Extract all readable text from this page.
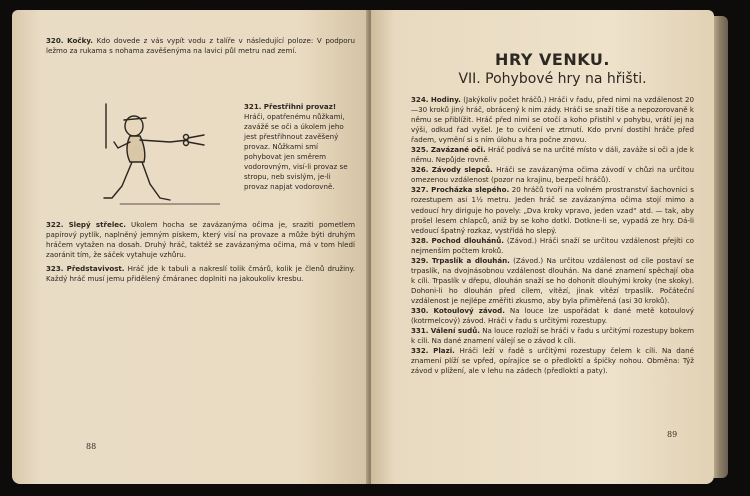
320. Kočky. Kdo dovede z vás vypít vodu z talíře v následující poloze: V podporu ležmo za rukama s nohama zavěšenýma na lavici půl metru nad zemí.

321. Přestřihni provaz! Hráči, opatřenému nůžkami, zavážě se oči a úkolem jeho jest přestřihnout zavěšený provaz. Nůžkami smí pohybovat jen směrem vodorovným, visí-li provaz se stropu, neb svislým, je-li provaz napjat vodorovně.

322. Slepý střelec. Ukolem hocha se zavázanýma očima je, sraziti pometlem papírový pytlík, naplněný jemným pískem, který visí na provaze a může býti druhým hráčem vytažen na dosah. Druhý hráč, taktéž se zavázanýma očima, má v tom hledí zaoránit tím, že sáček vytahuje vzhůru.

323. Představivost. Hráč jde k tabuli a nakreslí tolik čmárů, kolik je členů družiny. Každý hráč musí jemu přidělený čmáranec doplniti na jakoukoliv kresbu.

88
HRY VENKU.
VII. Pohybové hry na hřišti.

324. Hodiny. (Jakýkoliv počet hráčů.) Hráči v řadu, před nimi na vzdálenost 20—30 kroků jiný hráč, obrácený k nim zády. Hráči se snaží tiše a nepozorovaně k němu se přiblížit. Hráč před nimi se otočí a koho přistihl v pohybu, vrátí jej na výši, odkud řad vyšel. Je to cvičení ve ztrnutí. Kdo první dostihl hráče před řadem, vymění si s ním úlohu a hra počne znovu.

325. Zavázané oči. Hráč podívá se na určité místo v dáli, zaváže si oči a jde k němu. Nepůjde rovně.

326. Závody slepců. Hráči se zavázanýma očima závodí v chůzi na určitou omezenou vzdálenost (pozor na krajinu, bezpečí hráčů).

327. Procházka slepého. 20 hráčů tvoří na volném prostranství šachovnici s rozestupem asi 1½ metru. Jeden hráč se zavázanýma očima stojí mimo a vedoucí hry diriguje ho povely: „Dva kroky vpravo, jeden vzad“ atd. — tak, aby prošel lesem chlapců, aniž by se koho dotkl. Dotkne-li se, vypadá ze hry. Dá-li vedoucí špatný rozkaz, vystřídá ho slepý.

328. Pochod dlouhánů. (Závod.) Hráči snaží se určitou vzdálenost přejíti co nejmenším počtem kroků.

329. Trpaslík a dlouhán. (Závod.) Na určitou vzdálenost od cíle postaví se trpaslík, na dvojnásobnou vzdálenost dlouhán. Na dané znamení spěchají oba k cíli. Trpaslík v dřepu, dlouhán snaží se ho dohonit dlouhými kroky (ne skoky). Dohoni-li ho dlouhán před cílem, vítězí, jinak vítězí trpaslík. Počáteční vzdálenost je nejlépe změřiti zkusmo, aby byla přiměřená (asi 30 kroků).

330. Kotoulový závod. Na louce lze uspořádat k dané metě kotoulový (kotrmelcový) závod. Hráči v řadu s určitými rozestupy.

331. Válení sudů. Na louce rozloží se hráči v řadu s určitými rozestupy bokem k cíli. Na dané znamení válejí se o závod k cíli.

332. Plazi. Hráči leží v řadě s určitými rozestupy čelem k cíli. Na dané znamení plíží se vpřed, opírajíce se o předloktí a špičky nohou. Obměna: Týž závod v plížení, ale v lehu na zádech (předloktí a paty).

89
